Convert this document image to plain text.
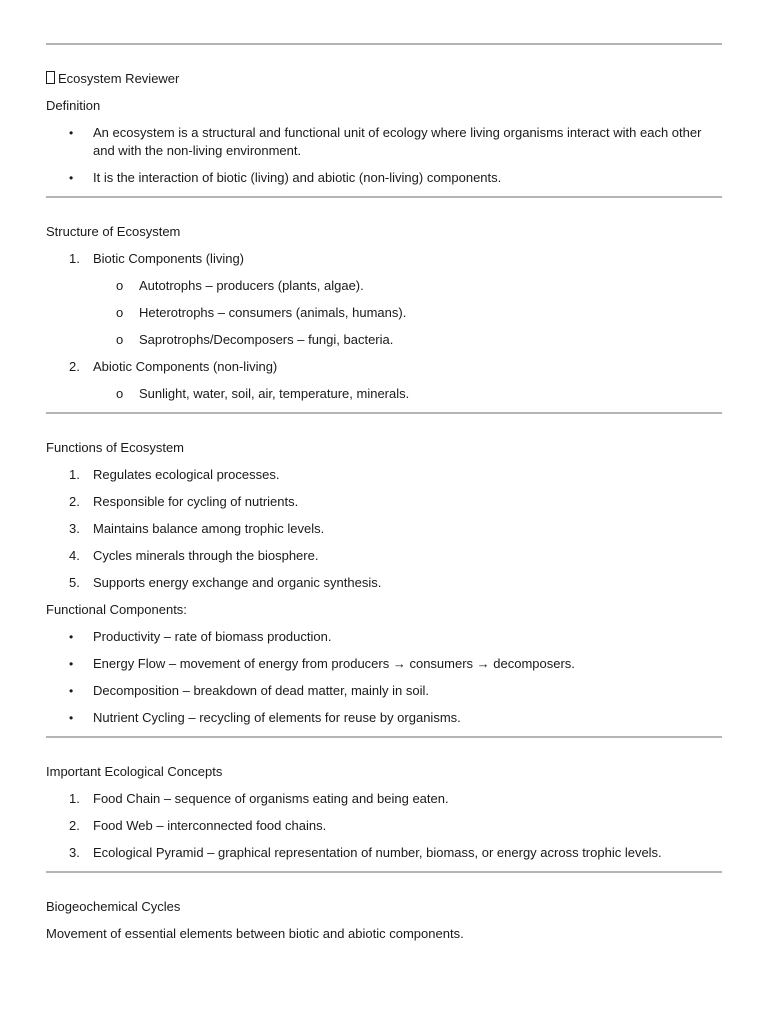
Ecosystem Reviewer

Definition

•	An ecosystem is a structural and functional unit of ecology where living organisms interact with each other and with the non-living environment.
•	It is the interaction of biotic (living) and abiotic (non-living) components.

Structure of Ecosystem

1.	Biotic Components (living)
o Autotrophs – producers (plants, algae).
o Heterotrophs – consumers (animals, humans).
o Saprotrophs/Decomposers – fungi, bacteria.
2.	Abiotic Components (non-living)
o Sunlight, water, soil, air, temperature, minerals.

Functions of Ecosystem

1.	Regulates ecological processes.
2.	Responsible for cycling of nutrients.
3.	Maintains balance among trophic levels.
4.	Cycles minerals through the biosphere.
5.	Supports energy exchange and organic synthesis.

Functional Components:

•	Productivity – rate of biomass production.
•	Energy Flow – movement of energy from producers → consumers → decomposers.
•	Decomposition – breakdown of dead matter, mainly in soil.
•	Nutrient Cycling – recycling of elements for reuse by organisms.

Important Ecological Concepts

1.	Food Chain – sequence of organisms eating and being eaten.
2.	Food Web – interconnected food chains.
3.	Ecological Pyramid – graphical representation of number, biomass, or energy across trophic levels.

Biogeochemical Cycles

Movement of essential elements between biotic and abiotic components.
